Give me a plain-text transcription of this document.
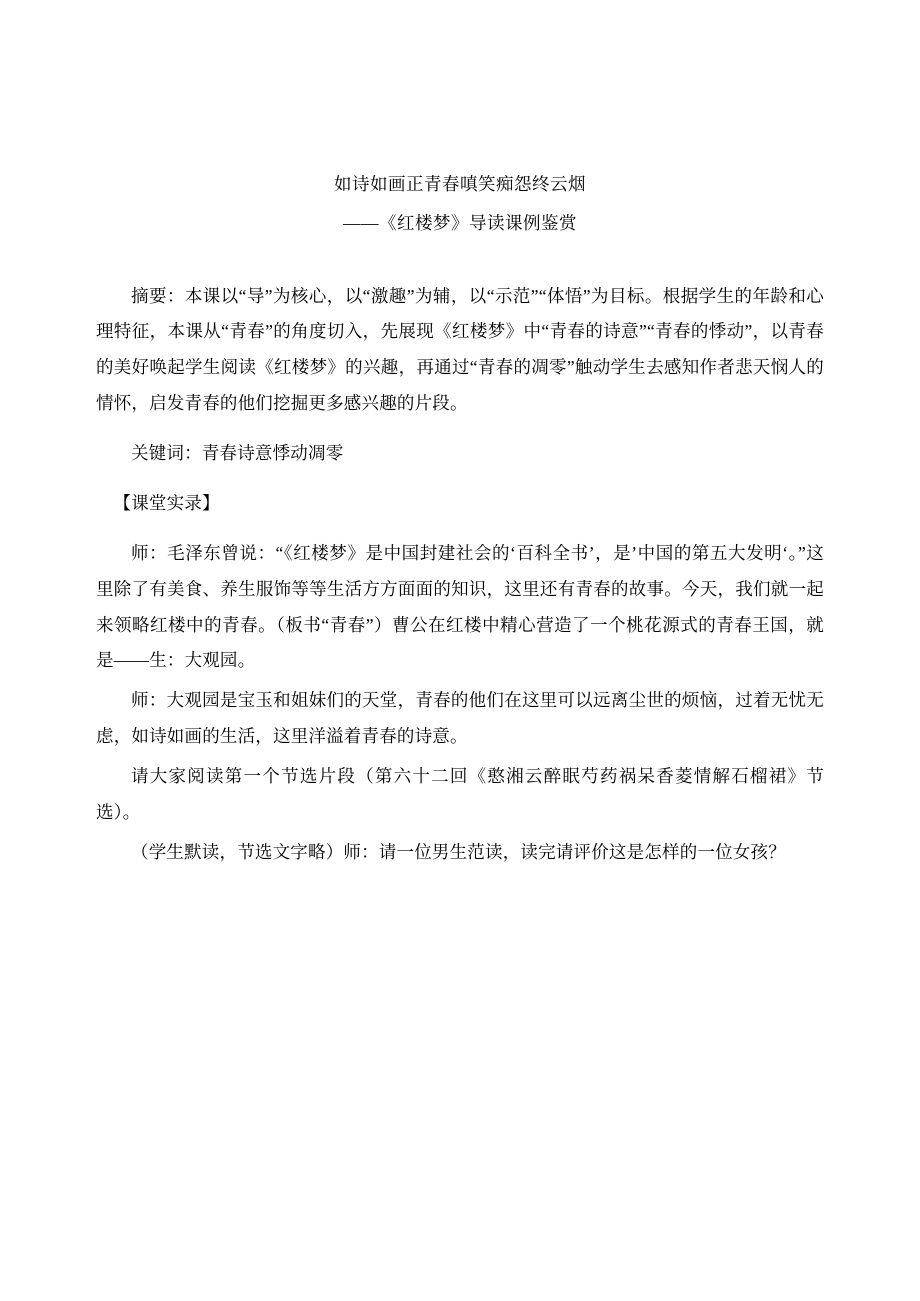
如诗如画正青春嗔笑痴怨终云烟
——《红楼梦》导读课例鉴赏

摘要：本课以“导”为核心，以“激趣”为辅，以“示范”“体悟”为目标。根据学生的年龄和心理特征，本课从“青春”的角度切入，先展现《红楼梦》中“青春的诗意”“青春的悸动”，以青春的美好唤起学生阅读《红楼梦》的兴趣，再通过“青春的凋零”触动学生去感知作者悲天悯人的情怀，启发青春的他们挖掘更多感兴趣的片段。

关键词：青春诗意悸动凋零

【课堂实录】

师：毛泽东曾说：“《红楼梦》是中国封建社会的‘百科全书’，是’中国的第五大发明‘。”这里除了有美食、养生服饰等等生活方方面面的知识，这里还有青春的故事。今天，我们就一起来领略红楼中的青春。（板书“青春”）曹公在红楼中精心营造了一个桃花源式的青春王国，就是——生：大观园。

师：大观园是宝玉和姐妹们的天堂，青春的他们在这里可以远离尘世的烦恼，过着无忧无虑，如诗如画的生活，这里洋溢着青春的诗意。

请大家阅读第一个节选片段（第六十二回《憨湘云醉眠芍药祸呆香菱情解石榴裙》节选）。

（学生默读，节选文字略）师：请一位男生范读，读完请评价这是怎样的一位女孩？
